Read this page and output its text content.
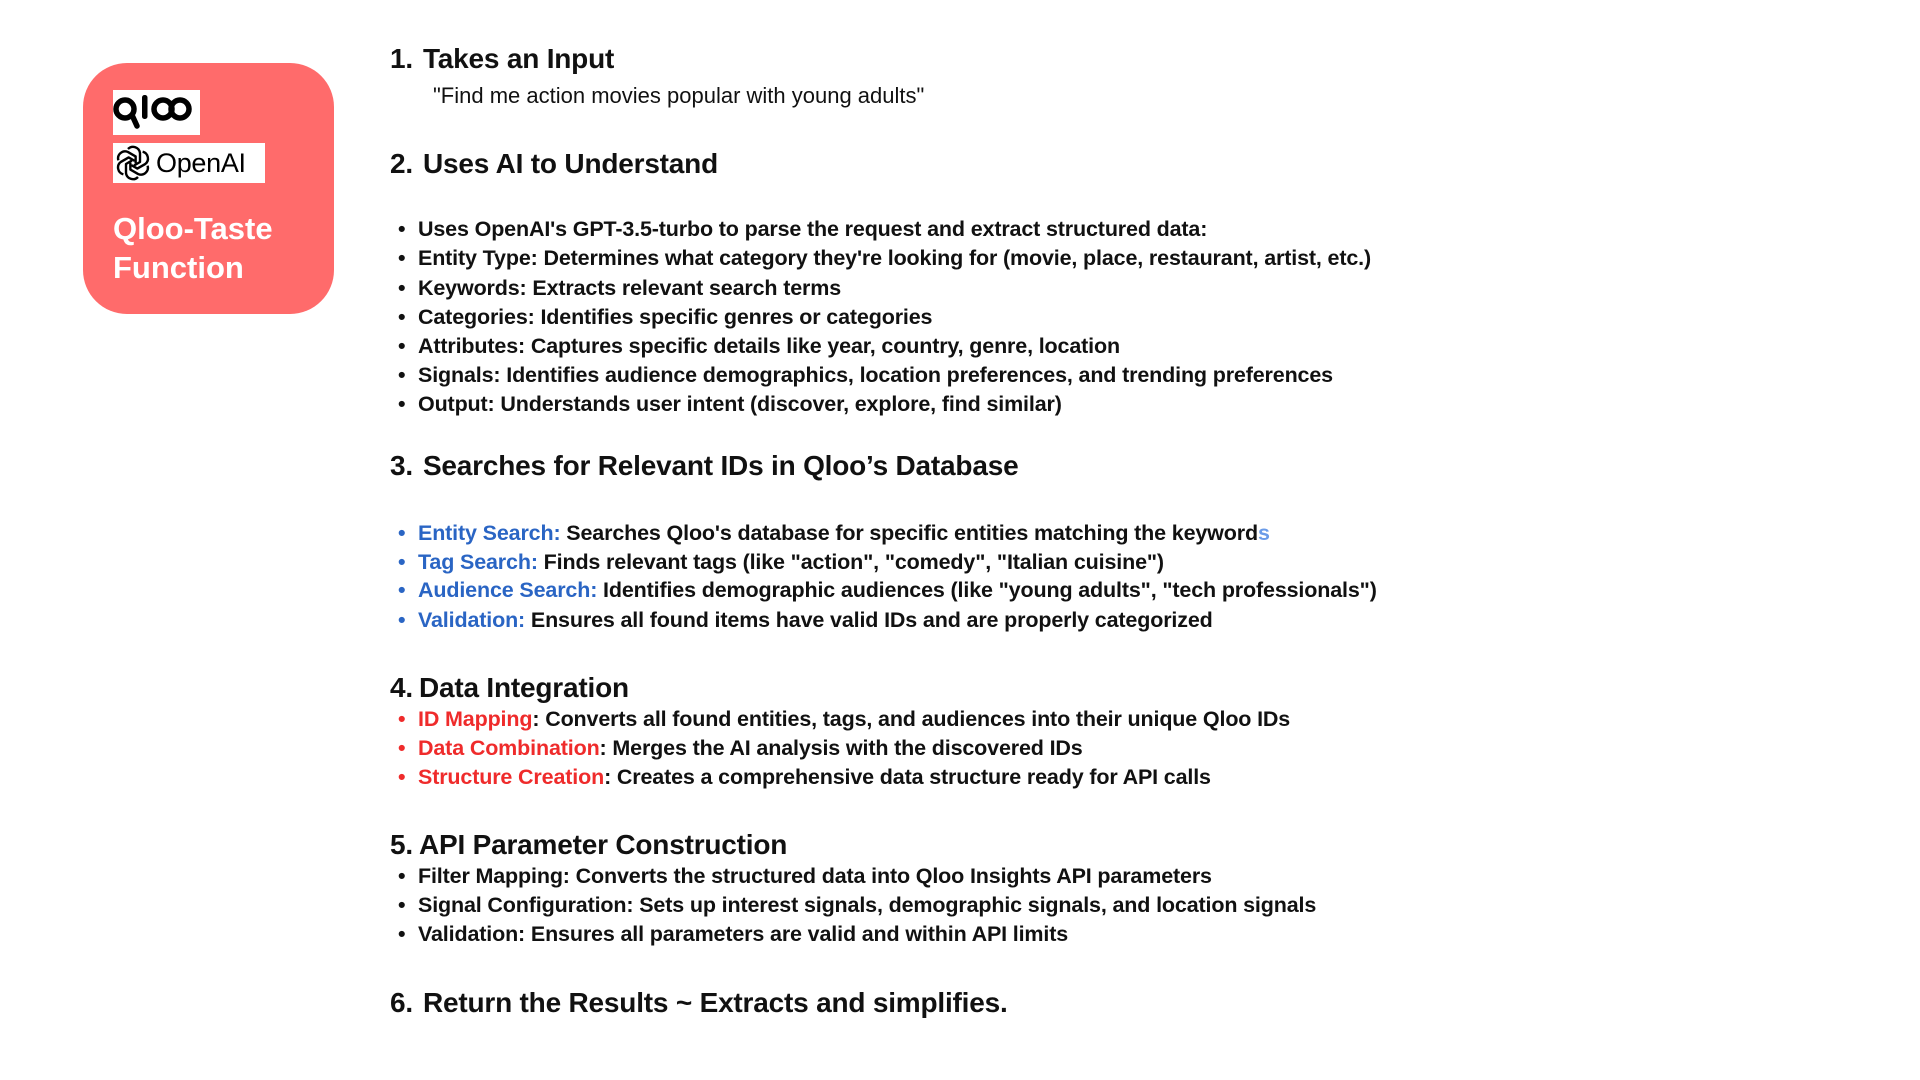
OpenAI
Qloo-Taste
Function
1. Takes an Input
"Find me action movies popular with young adults"
2. Uses AI to Understand
• Uses OpenAI's GPT-3.5-turbo to parse the request and extract structured data:
• Entity Type: Determines what category they're looking for (movie, place, restaurant, artist, etc.)
• Keywords: Extracts relevant search terms
• Categories: Identifies specific genres or categories
• Attributes: Captures specific details like year, country, genre, location
• Signals: Identifies audience demographics, location preferences, and trending preferences
• Output: Understands user intent (discover, explore, find similar)
3. Searches for Relevant IDs in Qloo’s Database
• Entity Search: Searches Qloo's database for specific entities matching the keywords
• Tag Search: Finds relevant tags (like "action", "comedy", "Italian cuisine")
• Audience Search: Identifies demographic audiences (like "young adults", "tech professionals")
• Validation: Ensures all found items have valid IDs and are properly categorized
4. Data Integration
• ID Mapping: Converts all found entities, tags, and audiences into their unique Qloo IDs
• Data Combination: Merges the AI analysis with the discovered IDs
• Structure Creation: Creates a comprehensive data structure ready for API calls
5. API Parameter Construction
• Filter Mapping: Converts the structured data into Qloo Insights API parameters
• Signal Configuration: Sets up interest signals, demographic signals, and location signals
• Validation: Ensures all parameters are valid and within API limits
6. Return the Results ~ Extracts and simplifies.
